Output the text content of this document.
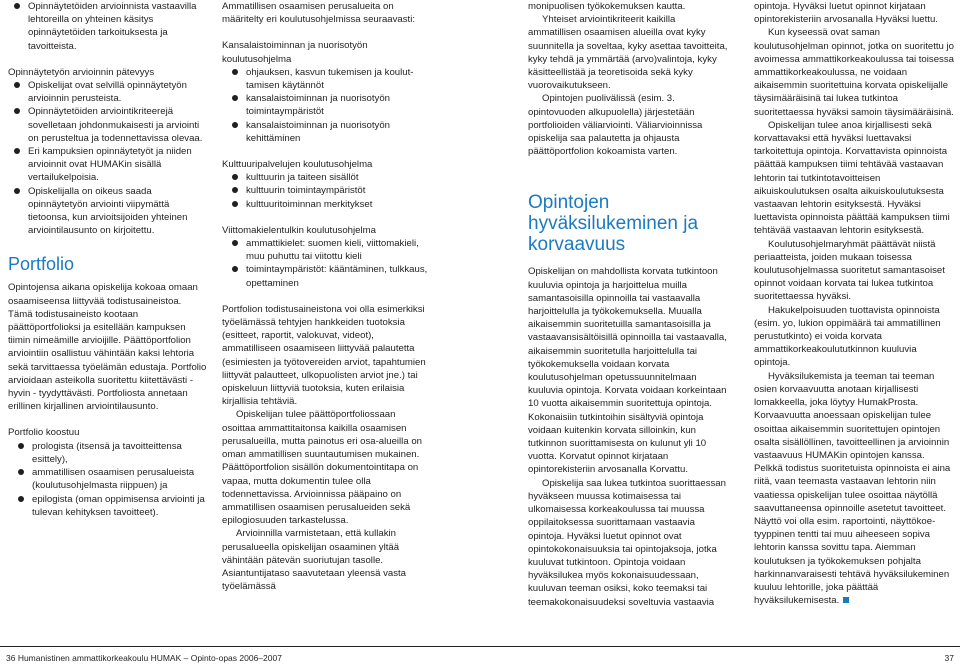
Opinnäytetöiden arvioinnista vastaavilla lehtoreilla on yhteinen käsitys opinnäytetöiden tarkoituksesta ja tavoitteista.

Opinnäytetyön arvioinnin pätevyys

Opiskelijat ovat selvillä opinnäytetyön arvioinnin perusteista.
Opinnäytetöiden arviointikriteerejä sovelletaan johdonmukaisesti ja arviointi on perusteltua ja todennettavissa olevaa.
Eri kampuksien opinnäytetyöt ja niiden arvioinnit ovat HUMAKin sisällä vertailukelpoisia.
Opiskelijalla on oikeus saada opinnäytetyön arviointi viipymättä tietoonsa, kun arvioitsijoiden yhteinen arviointilausunto on kirjoitettu.
Portfolio

Opintojensa aikana opiskelija kokoaa omaan osaamiseensa liittyvää todistusaineistoa. Tämä todistusaineisto kootaan päättöportfolioksi ja esitellään kampuksen tiimin nimeämille arvioijille. Päättöportfolion arviointiin osallistuu vähintään kaksi lehtoria sekä tarvittaessa työelämän edustaja. Portfolio arvioidaan asteikolla suoritettu kiitettävästi - hyvin - tyydyttävästi. Portfoliosta annetaan erillinen kirjallinen arviointilausunto.

Portfolio koostuu

prologista (itsensä ja tavoitteittensa esittely),
ammatillisen osaamisen perusalueista (koulutusohjelmasta riippuen) ja
epilogista (oman oppimisensa arviointi ja tulevan kehityksen tavoitteet).

Ammatillisen osaamisen perusalueita on määritelty eri koulutusohjelmissa seuraavasti:

Kansalaistoiminnan ja nuorisotyön koulutusohjelma

ohjauksen, kasvun tukemisen ja kouluttamisen käytännöt
kansalaistoiminnan ja nuorisotyön toimintaympäristöt
kansalaistoiminnan ja nuorisotyön kehittäminen

Kulttuuripalvelujen koulutusohjelma

kulttuurin ja taiteen sisällöt
kulttuurin toimintaympäristöt
kulttuuritoiminnan merkitykset

Viittomakielentulkin koulutusohjelma

ammattikielet: suomen kieli, viittomakieli, muu puhuttu tai viitottu kieli
toimintaympäristöt: kääntäminen, tulkkaus, opettaminen

Portfolion todistusaineistona voi olla esimerkiksi työelämässä tehtyjen hankkeiden tuotoksia (esitteet, raportit, valokuvat, videot), ammatilliseen osaamiseen liittyvää palautetta (esimiesten ja työtovereiden arviot, tapahtumien liittyvät palautteet, ulkopuolisten arviot jne.) tai opiskeluun liittyviä tuotoksia, kuten erilaisia kirjallisia tehtäviä.

Opiskelijan tulee päättöportfoliossaan osoittaa ammattitaitonsa kaikilla osaamisen perusalueilla, mutta painotus eri osa-alueilla on oman ammatillisen suuntautumisen mukainen. Päättöportfolion sisällön dokumentointitapa on vapaa, mutta dokumentin tulee olla todennettavissa. Arvioinnissa pääpaino on ammatillisen osaamisen perusalueiden sekä epilogiosuuden tarkastelussa.

Arvioinnilla varmistetaan, että kullakin perusalueella opiskelijan osaaminen yltää vähintään pätevän suoriutujan tasolle. Asiantuntijataso saavutetaan yleensä vasta työelämässä

monipuolisen työkokemuksen kautta.

Yhteiset arviointikriteerit kaikilla ammatillisen osaamisen alueilla ovat kyky suunnitella ja soveltaa, kyky asettaa tavoitteita, kyky tehdä ja ymmärtää (arvo)valintoja, kyky käsitteellistää ja teoretisoida sekä kyky vuorovaikutukseen.

Opintojen puolivälissä (esim. 3. opintovuoden alkupuolella) järjestetään portfolioiden väliarviointi. Väliarvioinnissa opiskelija saa palautetta ja ohjausta päättöportfolion kokoamista varten.

Opintojen hyväksilukeminen ja korvaavuus

Opiskelijan on mahdollista korvata tutkintoon kuuluvia opintoja ja harjoittelua muilla samantasoisilla opinnoilla tai vastaavalla harjoittelulla ja työkokemuksella. Muualla aikaisemmin suoritetuilla samantasoisilla ja vastaavansisältöisillä opinnoilla tai vastaavalla, aikaisemmin suoritetulla harjoittelulla tai työkokemuksella voidaan korvata koulutusohjelman opetussuunnitelmaan kuuluvia opintoja. Korvata voidaan korkeintaan 10 vuotta aikaisemmin suoritettuja opintoja. Kokonaisiin tutkintoihin sisältyviä opintoja voidaan kuitenkin korvata silloinkin, kun tutkinnon suorittamisesta on kulunut yli 10 vuotta. Korvatut opinnot kirjataan opintorekisteriin arvosanalla Korvattu.

Opiskelija saa lukea tutkintoa suorittaessan hyväkseen muussa kotimaisessa tai ulkomaisessa korkeakoulussa tai muussa oppilaitoksessa suorittamaan vastaavia opintoja. Hyväksi luetut opinnot ovat opintokokonaisuuksia tai opintojaksoja, jotka kuuluvat tutkintoon. Opintoja voidaan hyväksilukea myös kokonaisuudessaan, kuuluvan teeman osiksi, koko teemaksi tai teemakokonaisuudeksi soveltuvia vastaavia

opintoja. Hyväksi luetut opinnot kirjataan opintorekisteriin arvosanalla Hyväksi luettu.

Kun kyseessä ovat saman koulutusohjelman opinnot, jotka on suoritettu jo avoimessa ammattikorkeakoulussa tai toisessa ammattikorkeakoulussa, ne voidaan aikaisemmin suoritettuina korvata opiskelijalle täysimääräisinä tai lukea tutkintoa suoritettaessa hyväksi samoin täysimääräisinä.

Opiskelijan tulee anoa kirjallisesti sekä korvattavaksi että hyväksi luettavaksi tarkoitettuja opintoja. Korvattavista opinnoista päättää kampuksen tiimi tehtävää vastaavan lehtorin tai tutkintotavoitteisen aikuiskoulutuksen osalta aikuiskoulutuksesta vastaavan lehtorin esityksestä. Hyväksi luettavista opinnoista päättää kampuksen tiimi tehtävää vastaavan lehtorin esityksestä.

Koulutusohjelmaryhmät päättävät niistä periaatteista, joiden mukaan toisessa koulutusohjelmassa suoritetut samantasoiset opinnot voidaan korvata tai lukea tutkintoa suoritettaessa hyväksi.

Hakukelpoisuuden tuottavista opinnoista (esim. yo, lukion oppimäärä tai ammatillinen perustutkinto) ei voida korvata ammattikorkeakoulututkinnon kuuluvia opintoja.

Hyväksilukemista ja teeman tai teeman osien korvaavuutta anotaan kirjallisesti lomakkeella, joka löytyy HumakProsta. Korvaavuutta anoessaan opiskelijan tulee osoittaa aikaisemmin suoritettujen opintojen osalta sisällöllinen, tavoitteellinen ja arvioinnin vastaavuus HUMAKin opintojen kanssa. Pelkkä todistus suoritetuista opinnoista ei aina riitä, vaan teemasta vastaavan lehtorin niin vaatiessa opiskelijan tulee osoittaa näytöllä saavuttaneensa opinnoille asetetut tavoitteet. Näyttö voi olla esim. raportointi, näyttökoe-tyyppinen tentti tai muu aiheeseen sopiva lehtorin kanssa sovittu tapa. Aiemman koulutuksen ja työkokemuksen pohjalta harkinnanvaraisesti tehtävä hyväksilukeminen kuuluu lehtorille, joka päättää hyväksilukemisesta.

36 Humanistinen ammattikorkeakoulu HUMAK – Opinto-opas 2006–2007	37
